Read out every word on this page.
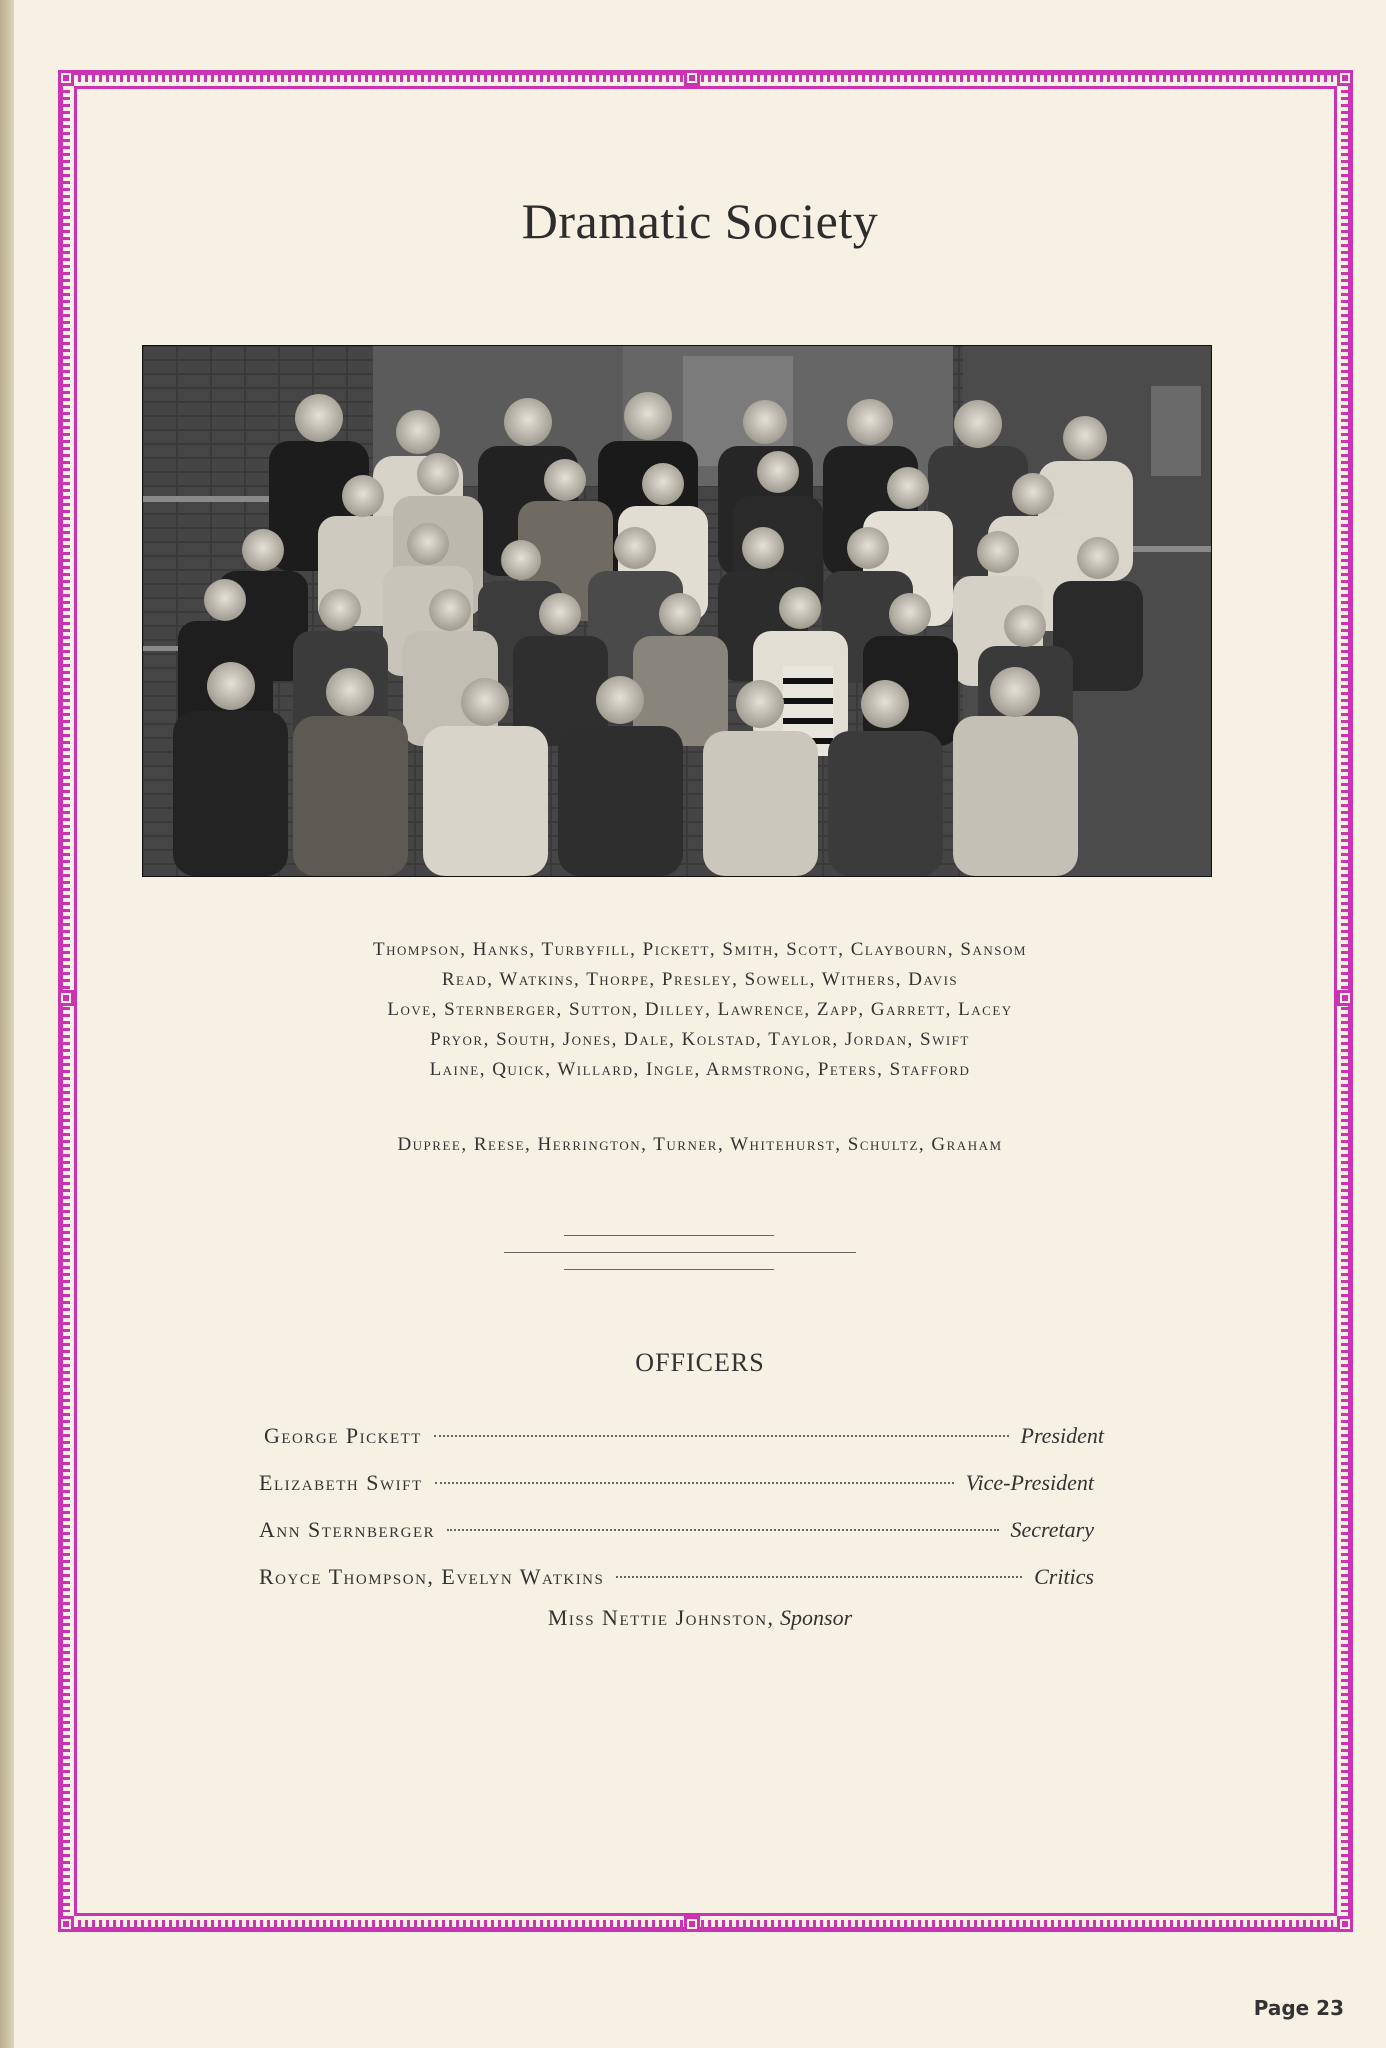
Dramatic Society
Thompson, Hanks, Turbyfill, Pickett, Smith, Scott, Claybourn, Sansom
Read, Watkins, Thorpe, Presley, Sowell, Withers, Davis
Love, Sternberger, Sutton, Dilley, Lawrence, Zapp, Garrett, Lacey
Pryor, South, Jones, Dale, Kolstad, Taylor, Jordan, Swift
Laine, Quick, Willard, Ingle, Armstrong, Peters, Stafford
Dupree, Reese, Herrington, Turner, Whitehurst, Schultz, Graham
OFFICERS
George Pickett	President
Elizabeth Swift	Vice-President
Ann Sternberger	Secretary
Royce Thompson, Evelyn Watkins	Critics
Miss Nettie Johnston, Sponsor
Page 23
